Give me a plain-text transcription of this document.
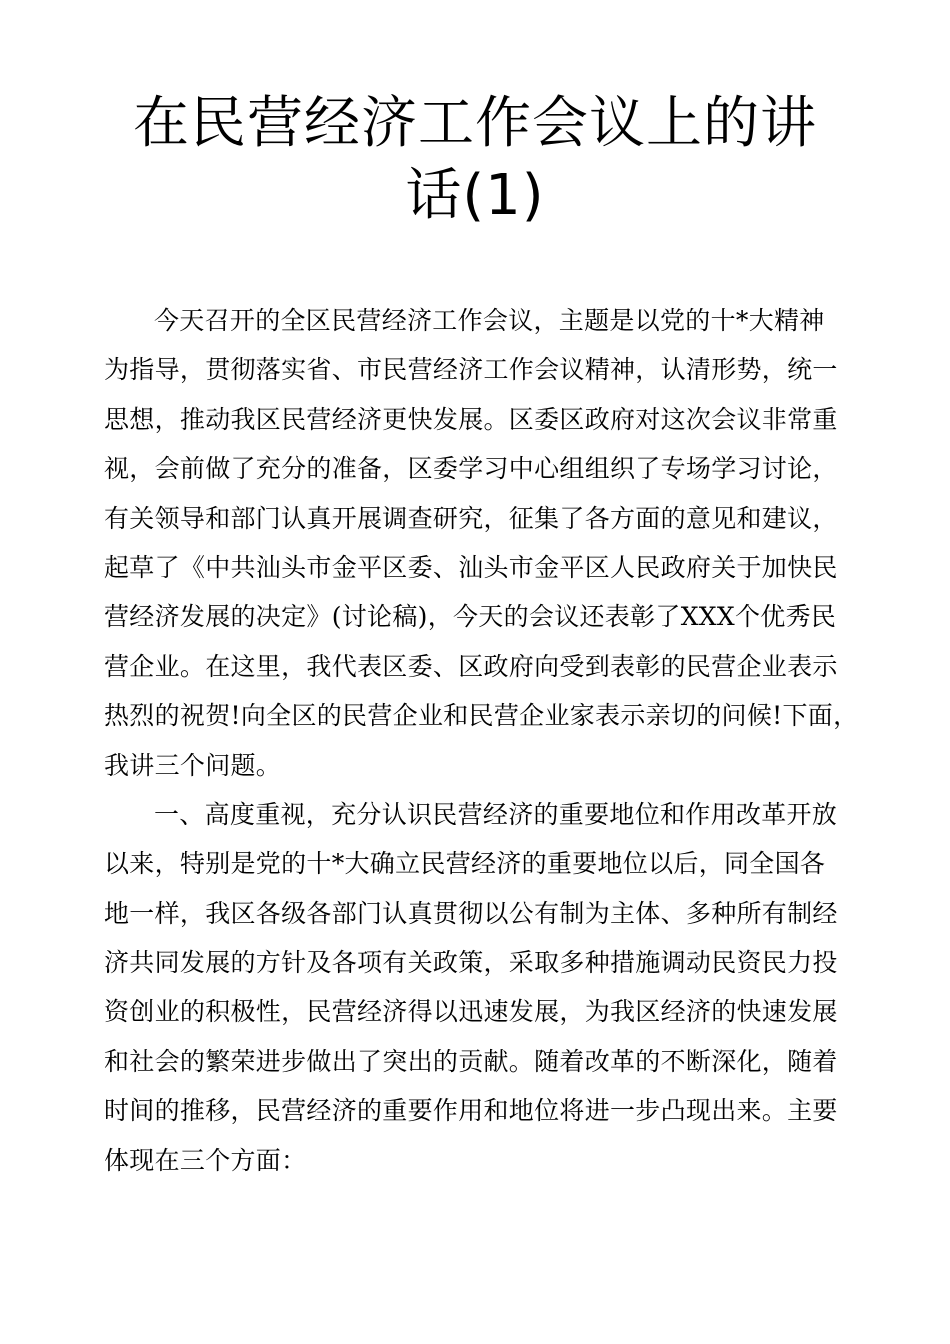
在民营经济工作会议上的讲
话(1)
今天召开的全区民营经济工作会议，主题是以党的十*大精神
为指导，贯彻落实省、市民营经济工作会议精神，认清形势，统一
思想，推动我区民营经济更快发展。区委区政府对这次会议非常重
视，会前做了充分的准备，区委学习中心组组织了专场学习讨论，
有关领导和部门认真开展调查研究，征集了各方面的意见和建议，
起草了《中共汕头市金平区委、汕头市金平区人民政府关于加快民
营经济发展的决定》(讨论稿)，今天的会议还表彰了XXX个优秀民
营企业。在这里，我代表区委、区政府向受到表彰的民营企业表示
热烈的祝贺!向全区的民营企业和民营企业家表示亲切的问候!下面，
我讲三个问题。
一、高度重视，充分认识民营经济的重要地位和作用改革开放
以来，特别是党的十*大确立民营经济的重要地位以后，同全国各
地一样，我区各级各部门认真贯彻以公有制为主体、多种所有制经
济共同发展的方针及各项有关政策，采取多种措施调动民资民力投
资创业的积极性，民营经济得以迅速发展，为我区经济的快速发展
和社会的繁荣进步做出了突出的贡献。随着改革的不断深化，随着
时间的推移，民营经济的重要作用和地位将进一步凸现出来。主要
体现在三个方面：
